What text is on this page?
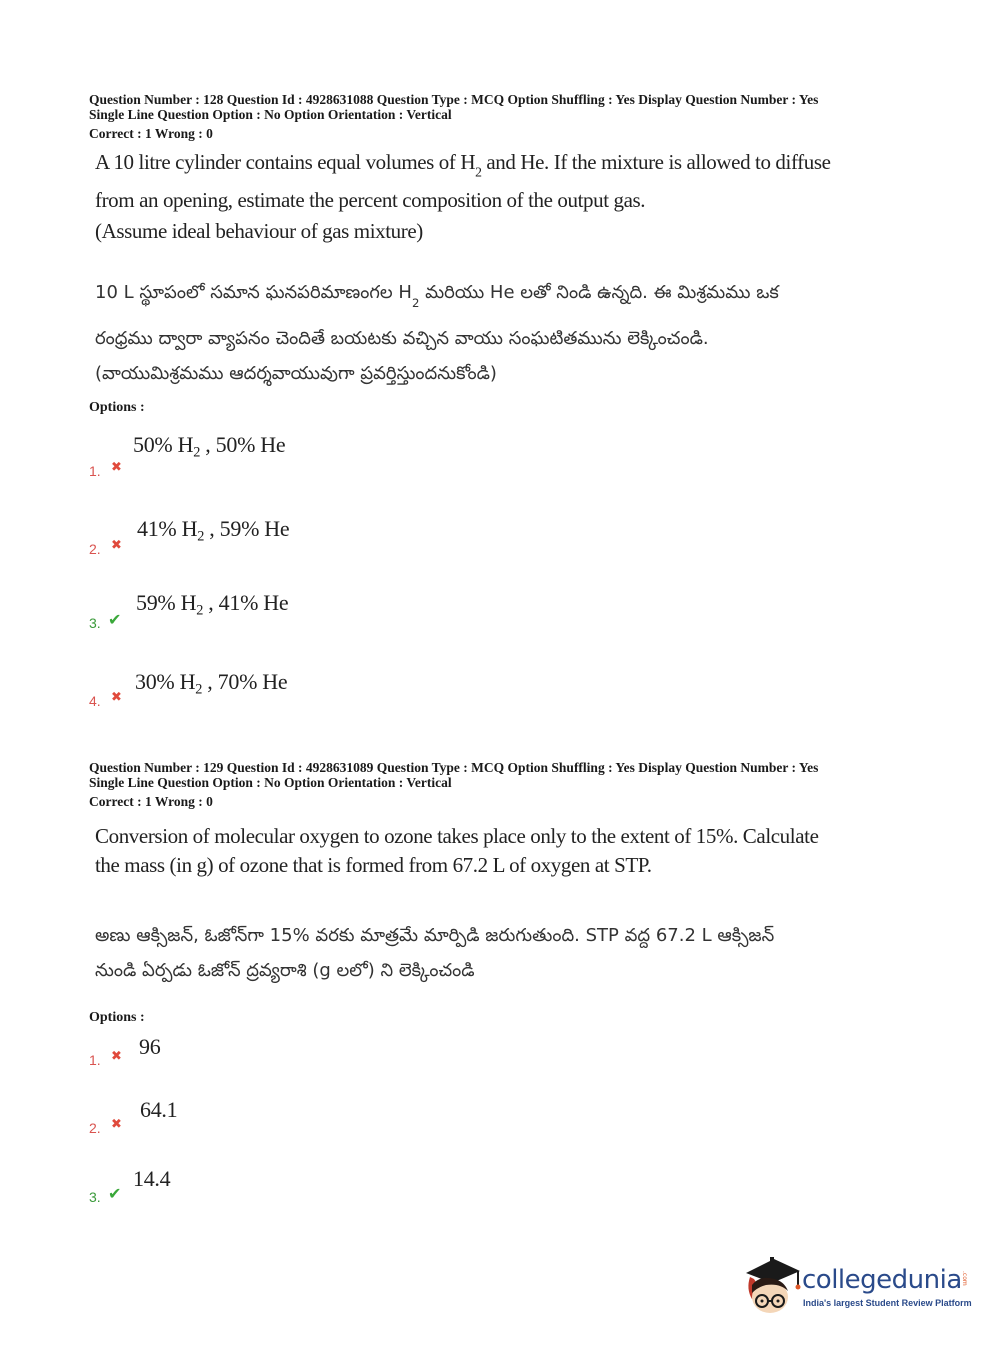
Question Number : 128 Question Id : 4928631088 Question Type : MCQ Option Shuffling : Yes Display Question Number : Yes
Single Line Question Option : No Option Orientation : Vertical
Correct : 1 Wrong : 0
A 10 litre cylinder contains equal volumes of $H_2$ and He. If the mixture is allowed to diffuse
from an opening, estimate the percent composition of the output gas.
(Assume ideal behaviour of gas mixture)
10 L స్థూపంలో సమాన ఘనపరిమాణంగల $H_2$ మరియు He లతో నిండి ఉన్నది. ఈ మిశ్రమము ఒక
రంధ్రము ద్వారా వ్యాపనం చెందితే బయటకు వచ్చిన వాయు సంఘటితమును లెక్కించండి.
(వాయుమిశ్రమము ఆదర్శవాయువుగా ప్రవర్తిస్తుందనుకోండి)
Options :
1. ✖
50% $H_2$ , 50% He
2. ✖
41% $H_2$ , 59% He
3. ✔
59% $H_2$ , 41% He
4. ✖
30% $H_2$ , 70% He
Question Number : 129 Question Id : 4928631089 Question Type : MCQ Option Shuffling : Yes Display Question Number : Yes
Single Line Question Option : No Option Orientation : Vertical
Correct : 1 Wrong : 0
Conversion of molecular oxygen to ozone takes place only to the extent of 15%. Calculate
the mass (in g) of ozone that is formed from 67.2 L of oxygen at STP.
అణు ఆక్సిజన్, ఓజోన్‌గా 15% వరకు మాత్రమే మార్పిడి జరుగుతుంది. STP వద్ద 67.2 L ఆక్సిజన్
నుండి ఏర్పడు ఓజోన్ ద్రవ్యరాశి (g లలో) ని లెక్కించండి
Options :
1. ✖ 96
2. ✖
64.1
3. ✔
14.4
collegedunia .com
India's largest Student Review Platform
